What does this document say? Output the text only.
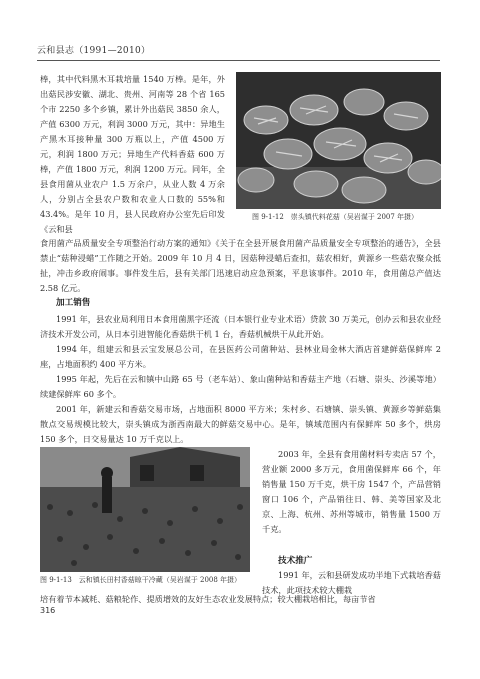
云和县志（1991—2010）

棒，其中代料黑木耳栽培量 1540 万棒。是年，外出菇民涉安徽、湖北、贵州、河南等 28 个省 165 个市 2250 多个乡镇，累计外出菇民 3850 余人，产值 6300 万元，利润 3000 万元，其中：异地生产黑木耳接种量 300 万瓶以上，产值 4500 万元，利润 1800 万元；异地生产代料香菇 600 万棒，产值 1800 万元，利润 1200 万元。同年，全县食用菌从业农户 1.5 万余户，从业人数 4 万余人，分别占全县农户数和农业人口数的 55%和 43.4%。是年 10 月，县人民政府办公室先后印发《云和县

图 9-1-12　崇头镇代料花菇（吴岩谋于 2007 年摄）

食用菌产品质量安全专项整治行动方案的通知》《关于在全县开展食用菌产品质量安全专项整治的通告》，全县禁止“菇种浸蜡”工作随之开始。2009 年 10 月 4 日，因菇种浸蜡后查扣，菇农相好，黄源乡一些菇农聚众抵扯，冲击乡政府闹事。事件发生后，县有关部门迅速启动应急预案，平息该事件。2010 年，食用菌总产值达 2.58 亿元。

加工销售

1991 年，县农业局利用日本食用菌黑字还流（日本银行业专业术语）贷款 30 万美元，创办云和县农业经济技术开发公司，从日本引进智能化香菇烘干机 1 台，香菇机械烘干从此开始。

1994 年，组建云和县云宝发展总公司，在县医药公司菌种站、县林业局金林大酒店首建鲜菇保鲜库 2 座，占地面积约 400 平方米。

1995 年起，先后在云和镇中山路 65 号（老车站）、象山菌种站和香菇主产地（石塘、崇头、沙溪等地）续建保鲜库 60 多个。

2001 年，新建云和香菇交易市场，占地面积 8000 平方米；朱村乡、石塘镇、崇头镇、黄源乡等鲜菇集散点交易规模比较大，崇头镇成为浙西南最大的鲜菇交易中心。是年，镇域范围内有保鲜库 50 多个，烘房 150 多个，日交易量达 10 万千克以上。

图 9-1-13　云和镇长田村香菇晾干冷藏（吴岩谋于 2008 年摄）

2003 年，全县有食用菌材料专卖店 57 个，营业额 2000 多万元，食用菌保鲜库 66 个，年销售量 150 万千克，烘干房 1547 个，产品营销窗口 106 个，产品销往日、韩、美等国家及北京、上海、杭州、苏州等城市，销售量 1500 万千克。

技术推广

1991 年，云和县研发成功半地下式栽培香菇技术，此项技术较大棚栽

培有着节本减耗、菇粮轮作、提质增效的友好生态农业发展特点；较大棚栽培相比，每亩节省

316
